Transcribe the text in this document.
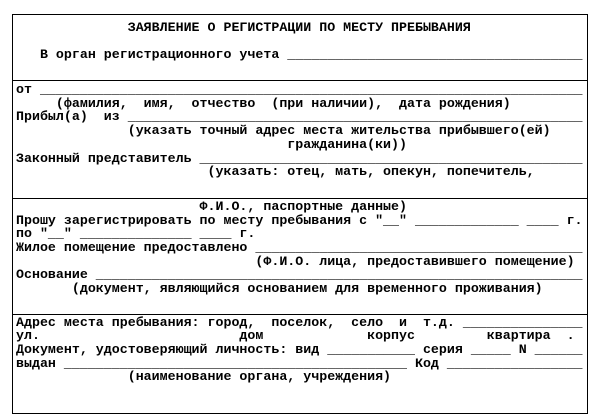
ЗАЯВЛЕНИЕ О РЕГИСТРАЦИИ ПО МЕСТУ ПРЕБЫВАНИЯ
В орган регистрационного учета _____________________________________
от ____________________________________________________________________
(фамилия,  имя,  отчество  (при наличии),  дата рождения)
Прибыл(а)  из _________________________________________________________
(указать точный адрес места жительства прибывшего(ей)
гражданина(ки))
Законный представитель ________________________________________________
(указать: отец, мать, опекун, попечитель,
Ф.И.О., паспортные данные)
Прошу зарегистрировать по месту пребывания с "__" _____________ ____ г.
по "__" ______________ ____ г.
Жилое помещение предоставлено _________________________________________
(Ф.И.О. лица, предоставившего помещение)
Основание _____________________________________________________________
(документ, являющийся основанием для временного проживания)
Адрес места пребывания: город,  поселок,  село  и  т.д. _______________
ул.                         дом             корпус         квартира  .
Документ, удостоверяющий личность: вид ___________ серия _____ N ______
выдан ___________________________________________ Код _________________
(наименование органа, учреждения)
